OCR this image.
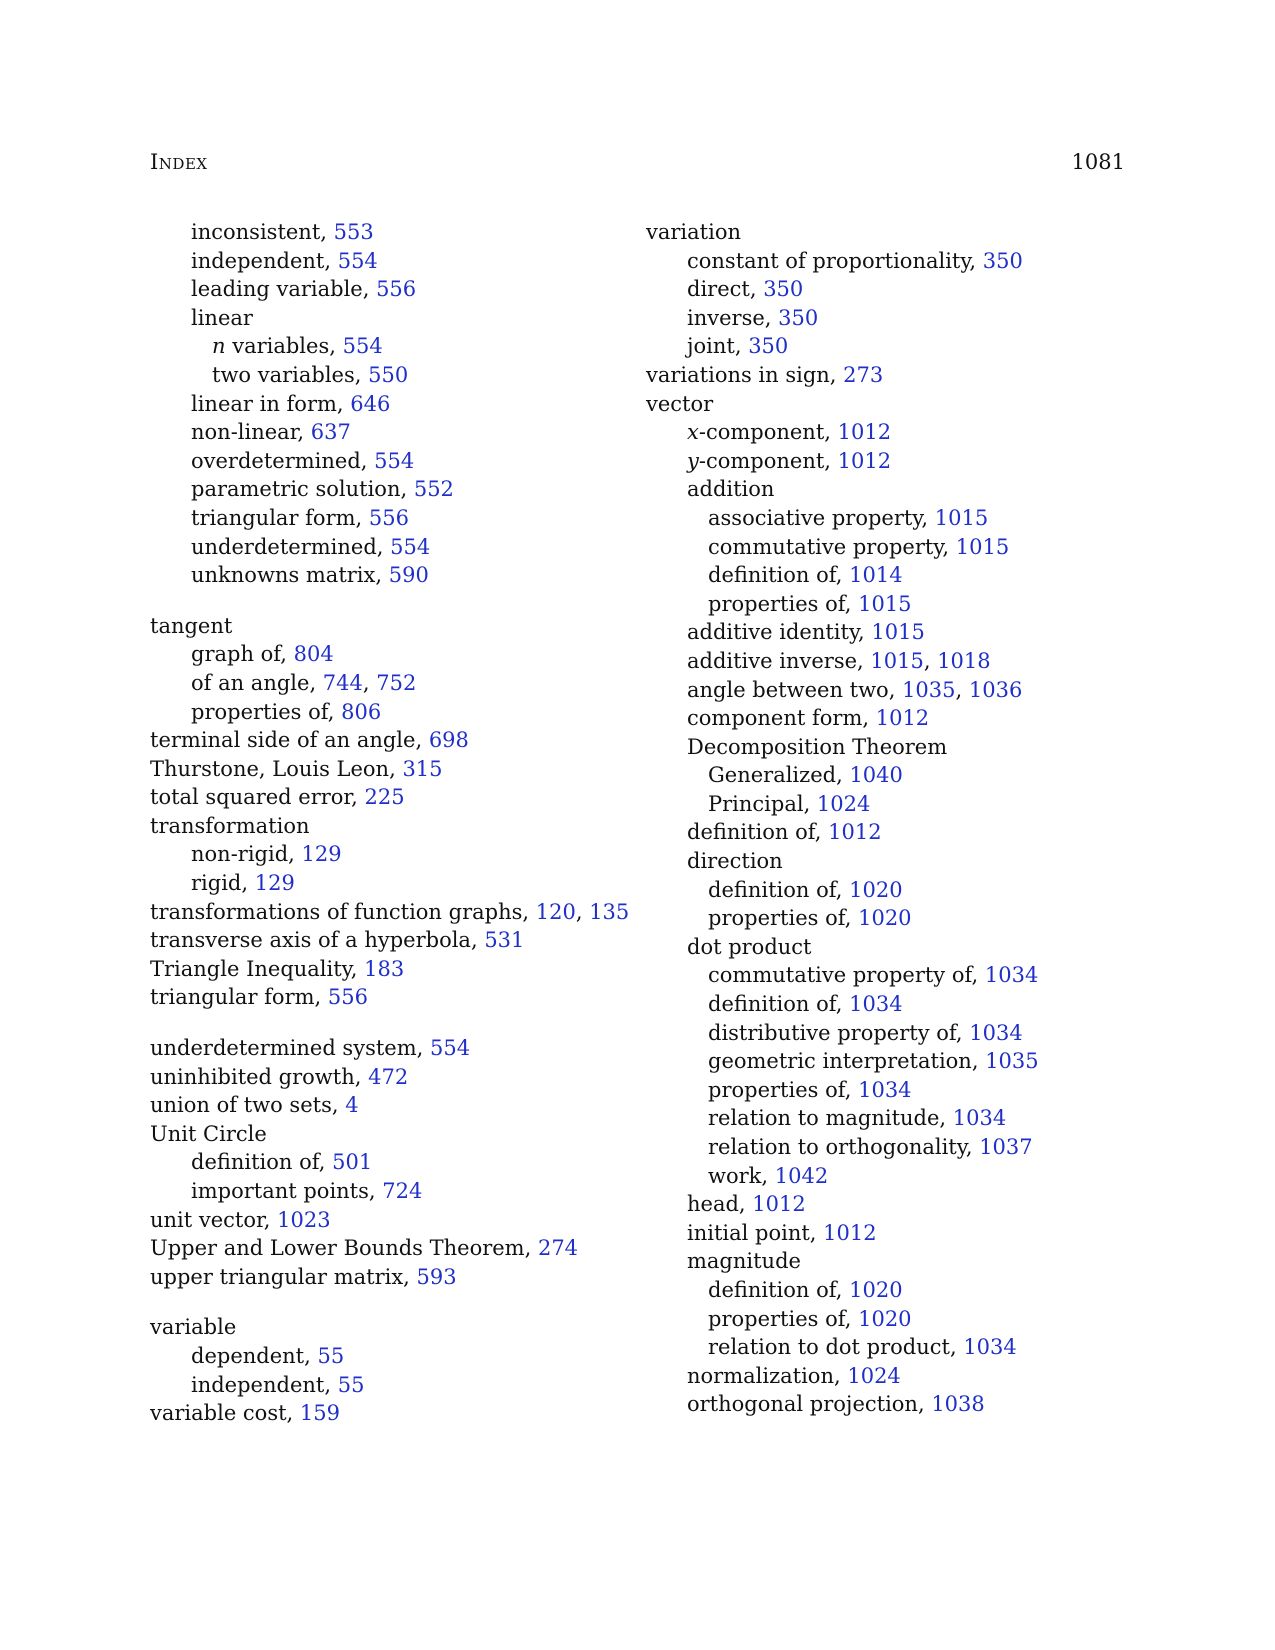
Index	1081
inconsistent, 553
independent, 554
leading variable, 556
linear
n variables, 554
two variables, 550
linear in form, 646
non-linear, 637
overdetermined, 554
parametric solution, 552
triangular form, 556
underdetermined, 554
unknowns matrix, 590
tangent
graph of, 804
of an angle, 744, 752
properties of, 806
terminal side of an angle, 698
Thurstone, Louis Leon, 315
total squared error, 225
transformation
non-rigid, 129
rigid, 129
transformations of function graphs, 120, 135
transverse axis of a hyperbola, 531
Triangle Inequality, 183
triangular form, 556
underdetermined system, 554
uninhibited growth, 472
union of two sets, 4
Unit Circle
definition of, 501
important points, 724
unit vector, 1023
Upper and Lower Bounds Theorem, 274
upper triangular matrix, 593
variable
dependent, 55
independent, 55
variable cost, 159
variation
constant of proportionality, 350
direct, 350
inverse, 350
joint, 350
variations in sign, 273
vector
x-component, 1012
y-component, 1012
addition
associative property, 1015
commutative property, 1015
definition of, 1014
properties of, 1015
additive identity, 1015
additive inverse, 1015, 1018
angle between two, 1035, 1036
component form, 1012
Decomposition Theorem
Generalized, 1040
Principal, 1024
definition of, 1012
direction
definition of, 1020
properties of, 1020
dot product
commutative property of, 1034
definition of, 1034
distributive property of, 1034
geometric interpretation, 1035
properties of, 1034
relation to magnitude, 1034
relation to orthogonality, 1037
work, 1042
head, 1012
initial point, 1012
magnitude
definition of, 1020
properties of, 1020
relation to dot product, 1034
normalization, 1024
orthogonal projection, 1038
